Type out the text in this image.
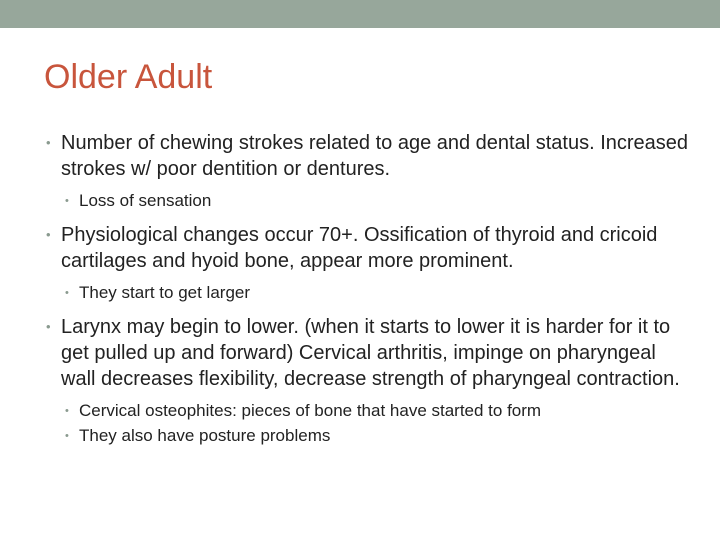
Older Adult
• Number of chewing strokes related to age and dental status. Increased strokes w/ poor dentition or dentures.
• Loss of sensation
• Physiological changes occur 70+. Ossification of thyroid and cricoid cartilages and hyoid bone, appear more prominent.
• They start to get larger
• Larynx may begin to lower. (when it starts to lower it is harder for it to get pulled up and forward) Cervical arthritis, impinge on pharyngeal wall decreases flexibility, decrease strength of pharyngeal contraction.
• Cervical osteophites: pieces of bone that have started to form
• They also have posture problems
